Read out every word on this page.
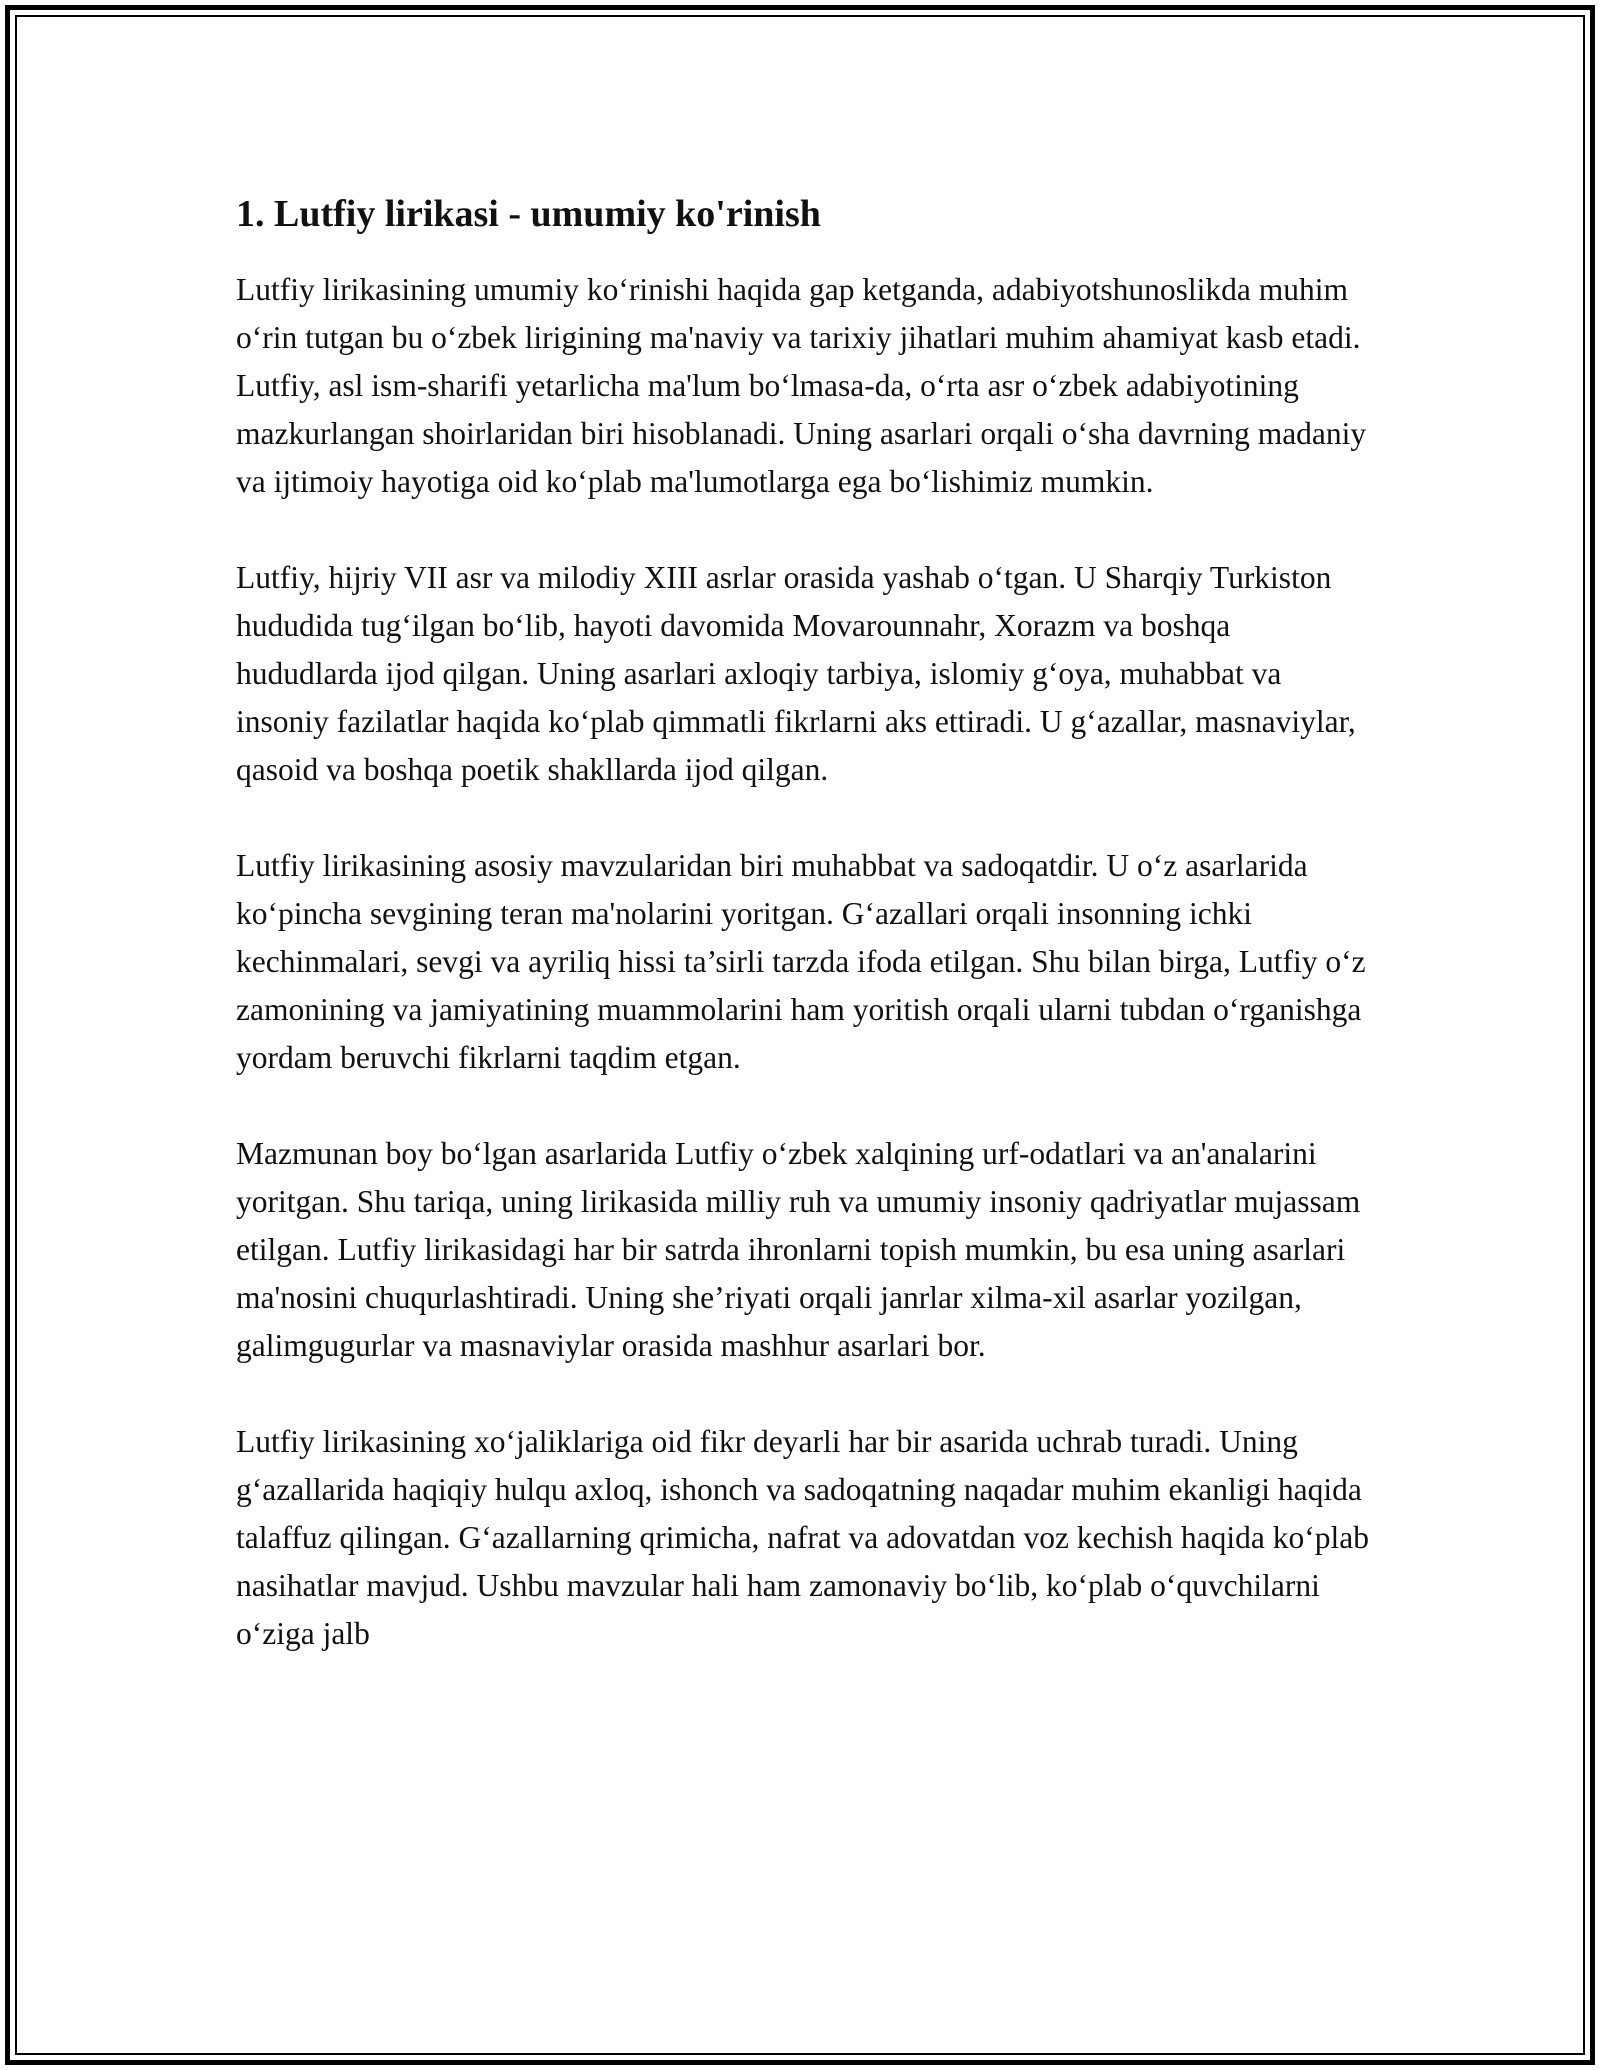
1. Lutfiy lirikasi - umumiy ko'rinish

Lutfiy lirikasining umumiy koʻrinishi haqida gap ketganda, adabiyotshunoslikda muhim oʻrin tutgan bu oʻzbek lirigining ma'naviy va tarixiy jihatlari muhim ahamiyat kasb etadi. Lutfiy, asl ism-sharifi yetarlicha ma'lum boʻlmasa-da, oʻrta asr oʻzbek adabiyotining mazkurlangan shoirlaridan biri hisoblanadi. Uning asarlari orqali oʻsha davrning madaniy va ijtimoiy hayotiga oid koʻplab ma'lumotlarga ega boʻlishimiz mumkin.

Lutfiy, hijriy VII asr va milodiy XIII asrlar orasida yashab oʻtgan. U Sharqiy Turkiston hududida tugʻilgan boʻlib, hayoti davomida Movarounnahr, Xorazm va boshqa hududlarda ijod qilgan. Uning asarlari axloqiy tarbiya, islomiy gʻoya, muhabbat va insoniy fazilatlar haqida koʻplab qimmatli fikrlarni aks ettiradi. U gʻazallar, masnaviylar, qasoid va boshqa poetik shakllarda ijod qilgan.

Lutfiy lirikasining asosiy mavzularidan biri muhabbat va sadoqatdir. U oʻz asarlarida koʻpincha sevgining teran ma'nolarini yoritgan. Gʻazallari orqali insonning ichki kechinmalari, sevgi va ayriliq hissi ta’sirli tarzda ifoda etilgan. Shu bilan birga, Lutfiy oʻz zamonining va jamiyatining muammolarini ham yoritish orqali ularni tubdan oʻrganishga yordam beruvchi fikrlarni taqdim etgan.

Mazmunan boy boʻlgan asarlarida Lutfiy oʻzbek xalqining urf-odatlari va an'analarini yoritgan. Shu tariqa, uning lirikasida milliy ruh va umumiy insoniy qadriyatlar mujassam etilgan. Lutfiy lirikasidagi har bir satrda ihronlarni topish mumkin, bu esa uning asarlari ma'nosini chuqurlashtiradi. Uning she’riyati orqali janrlar xilma-xil asarlar yozilgan, galimgugurlar va masnaviylar orasida mashhur asarlari bor.

Lutfiy lirikasining xoʻjaliklariga oid fikr deyarli har bir asarida uchrab turadi. Uning gʻazallarida haqiqiy hulqu axloq, ishonch va sadoqatning naqadar muhim ekanligi haqida talaffuz qilingan. Gʻazallarning qrimicha, nafrat va adovatdan voz kechish haqida koʻplab nasihatlar mavjud. Ushbu mavzular hali ham zamonaviy boʻlib, koʻplab oʻquvchilarni oʻziga jalb
